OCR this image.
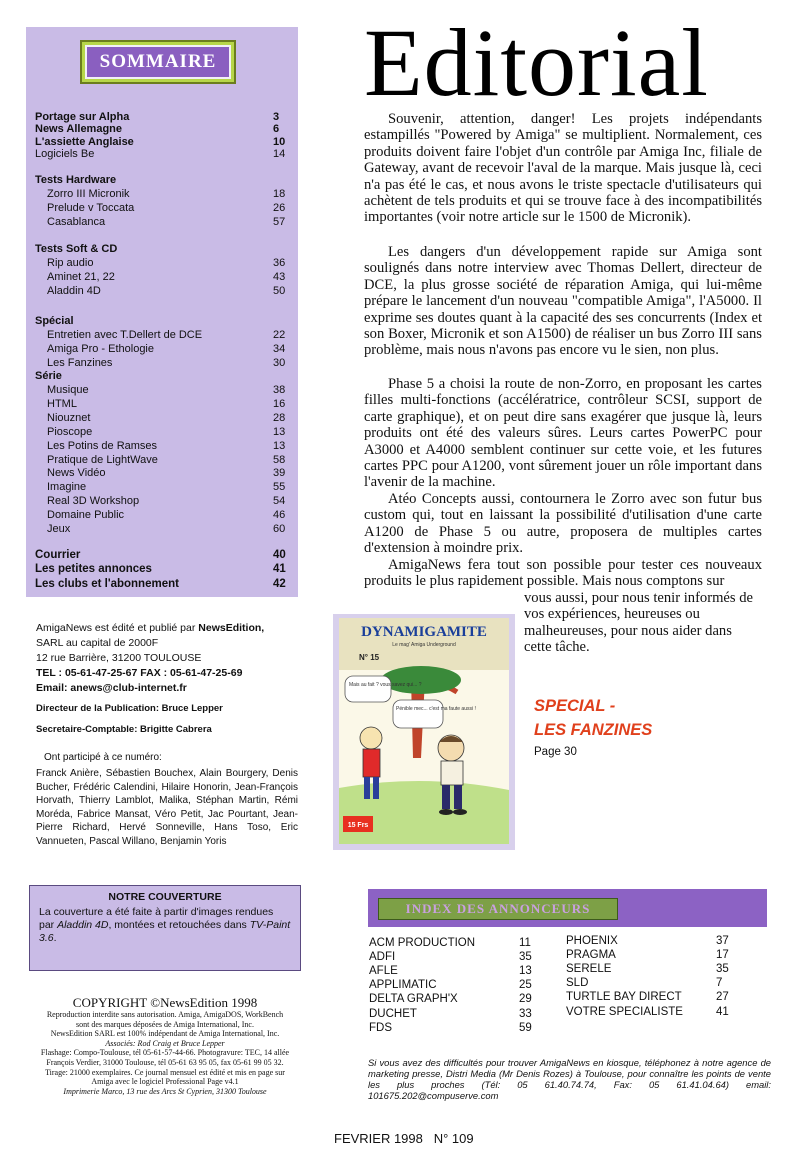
SOMMAIRE
AmigaNews est édité et publié par NewsEdition,
SARL au capital de 2000F
12 rue Barrière, 31200 TOULOUSE
TEL : 05-61-47-25-67 FAX : 05-61-47-25-69
Email: anews@club-internet.fr
Directeur de la Publication: Bruce Lepper
Secretaire-Comptable: Brigitte Cabrera
Ont participé à ce numéro:
Franck Anière, Sébastien Bouchex, Alain Bourgery, Denis Bucher, Frédéric Calendini, Hilaire Honorin, Jean-François Horvath, Thierry Lamblot, Malika, Stéphan Martin, Rémi Moréda, Fabrice Mansat, Véro Petit, Jac Pourtant, Jean-Pierre Richard, Hervé Sonneville, Hans Toso, Eric Vannueten, Pascal Willano, Benjamin Yoris
NOTRE COUVERTURE
La couverture a été faite à partir d'images rendues par Aladdin 4D, montées et retouchées dans TV-Paint 3.6.
COPYRIGHT ©NewsEdition 1998
Reproduction interdite sans autorisation. Amiga, AmigaDOS, WorkBench
sont des marques déposées de Amiga International, Inc.
NewsEdition SARL est 100% indépendant de Amiga International, Inc.
Associés: Rod Craig et Bruce Lepper
Flashage: Compo-Toulouse, tél 05-61-57-44-66. Photogravure: TEC, 14 allée
François Verdier, 31000 Toulouse, tél 05-61 63 95 05, fax 05-61 99 05 32.
Tirage: 21000 exemplaires. Ce journal mensuel est édité et mis en page sur
Amiga avec le logiciel Professional Page v4.1
Imprimerie Marco, 13 rue des Arcs St Cyprien, 31300 Toulouse
Editorial

Souvenir, attention, danger! Les projets indépendants estampillés "Powered by Amiga" se multiplient. Normalement, ces produits doivent faire l'objet d'un contrôle par Amiga Inc, filiale de Gateway, avant de recevoir l'aval de la marque. Mais jusque là, ceci n'a pas été le cas, et nous avons le triste spectacle d'utilisateurs qui achètent de tels produits et qui se trouve face à des incompatibilités importantes (voir notre article sur le 1500 de Micronik).

Les dangers d'un développement rapide sur Amiga sont soulignés dans notre interview avec Thomas Dellert, directeur de DCE, la plus grosse société de réparation Amiga, qui lui-même prépare le lancement d'un nouveau "compatible Amiga", l'A5000. Il exprime ses doutes quant à la capacité des ses concurrents (Index et son Boxer, Micronik et son A1500) de réaliser un bus Zorro III sans problème, mais nous n'avons pas encore vu le sien, non plus.

Phase 5 a choisi la route de non-Zorro, en proposant les cartes filles multi-fonctions (accélératrice, contrôleur SCSI, support de carte graphique), et on peut dire sans exagérer que jusque là, leurs produits ont été des valeurs sûres. Leurs cartes PowerPC pour A3000 et A4000 semblent continuer sur cette voie, et les futures cartes PPC pour A1200, vont sûrement jouer un rôle important dans l'avenir de la machine.

Atéo Concepts aussi, contournera le Zorro avec son futur bus custom qui, tout en laissant la possibilité d'utilisation d'une carte A1200 de Phase 5 ou autre, proposera de multiples cartes d'extension à moindre prix.

AmigaNews fera tout son possible pour tester ces nouveaux produits le plus rapidement possible. Mais nous comptons sur

vous aussi, pour nous tenir informés de vos expériences, heureuses ou malheureuses, pour nous aider dans cette tâche.

DYNAMIGAMITE
Le mag' Amiga Underground
N° 15
Mais au fait ? vous savez qui... ?
Pénible mec... c'est ma faute aussi !
15 Frs
SPECIAL -
LES FANZINES
Page 30
INDEX DES ANNONCEURS
Si vous avez des difficultés pour trouver AmigaNews en kiosque, téléphonez à notre agence de marketing presse, Distri Media (Mr Denis Rozes) à Toulouse, pour connaître les points de vente les plus proches (Tél: 05 61.40.74.74, Fax: 05 61.41.04.64) email: 101675.202@compuserve.com
FEVRIER 1998   N° 109
Portage sur Alpha	3
News Allemagne	6
L'assiette Anglaise	10
Logiciels Be	14
Tests Hardware
Zorro III Micronik	18
Prelude v Toccata	26
Casablanca	57
Tests Soft & CD
Rip audio	36
Aminet 21, 22	43
Aladdin 4D	50
Spécial
Entretien avec T.Dellert de DCE	22
Amiga Pro - Ethologie	34
Les Fanzines	30
Série
Musique	38
HTML	16
Niouznet	28
Pioscope	13
Les Potins de Ramses	13
Pratique de LightWave	58
News Vidéo	39
Imagine	55
Real 3D Workshop	54
Domaine Public	46
Jeux	60
Courrier	40
Les petites annonces	41
Les clubs et l'abonnement	42
ACM PRODUCTION	11
ADFI	35
AFLE	13
APPLIMATIC	25
DELTA GRAPH'X	29
DUCHET	33
FDS	59
PHOENIX	37
PRAGMA	17
SERELE	35
SLD	7
TURTLE BAY DIRECT	27
VOTRE SPECIALISTE	41
